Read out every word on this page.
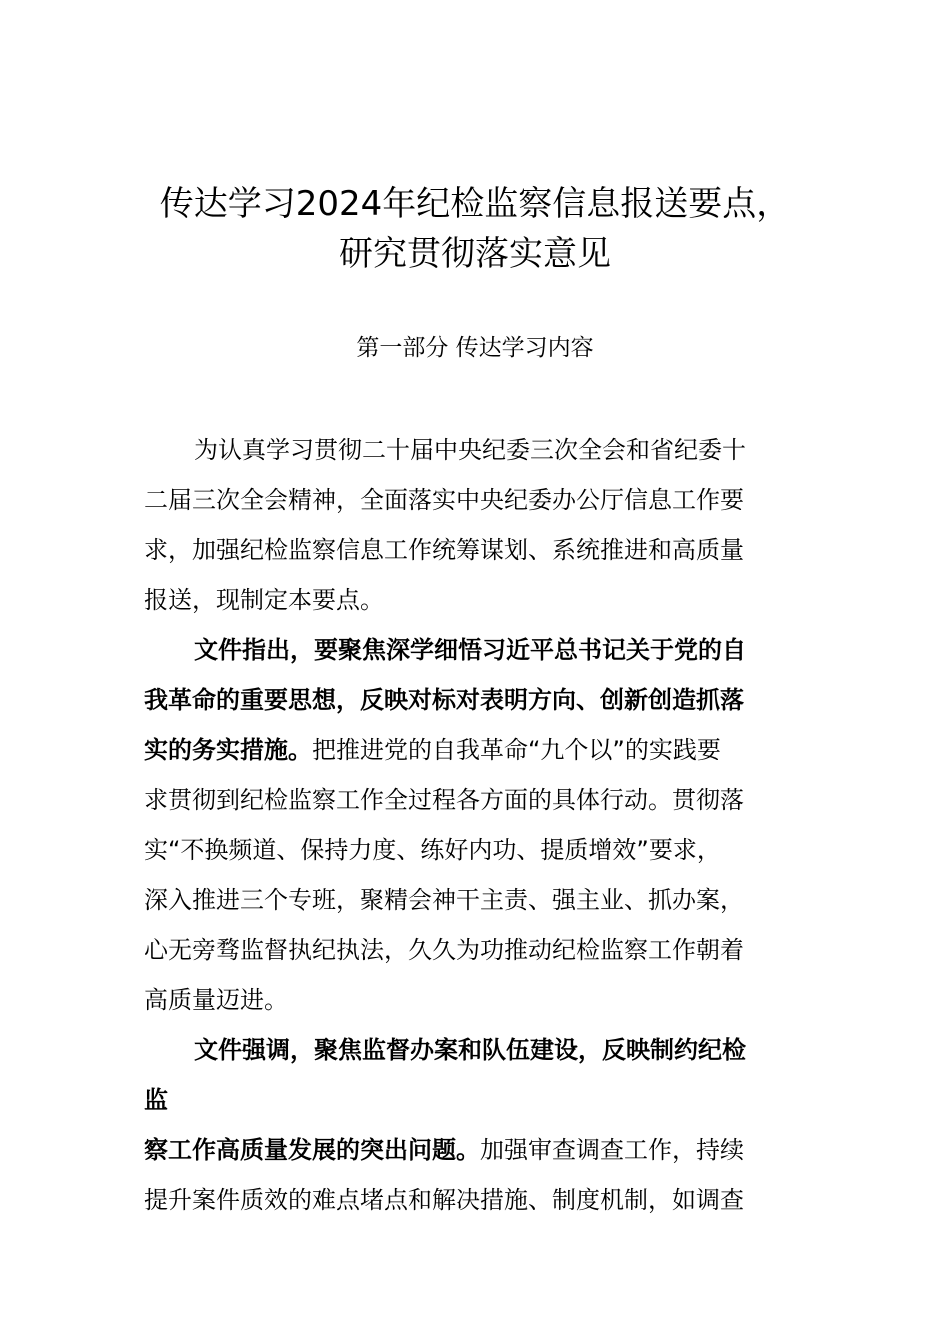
传达学习2024年纪检监察信息报送要点，
研究贯彻落实意见
第一部分 传达学习内容
为认真学习贯彻二十届中央纪委三次全会和省纪委十
二届三次全会精神，全面落实中央纪委办公厅信息工作要
求，加强纪检监察信息工作统筹谋划、系统推进和高质量
报送，现制定本要点。
文件指出，要聚焦深学细悟习近平总书记关于党的自
我革命的重要思想，反映对标对表明方向、创新创造抓落
实的务实措施。把推进党的自我革命“九个以”的实践要
求贯彻到纪检监察工作全过程各方面的具体行动。贯彻落
实“不换频道、保持力度、练好内功、提质增效”要求，
深入推进三个专班，聚精会神干主责、强主业、抓办案，
心无旁骛监督执纪执法，久久为功推动纪检监察工作朝着
高质量迈进。
文件强调，聚焦监督办案和队伍建设，反映制约纪检
监
察工作高质量发展的突出问题。加强审查调查工作，持续
提升案件质效的难点堵点和解决措施、制度机制，如调查
